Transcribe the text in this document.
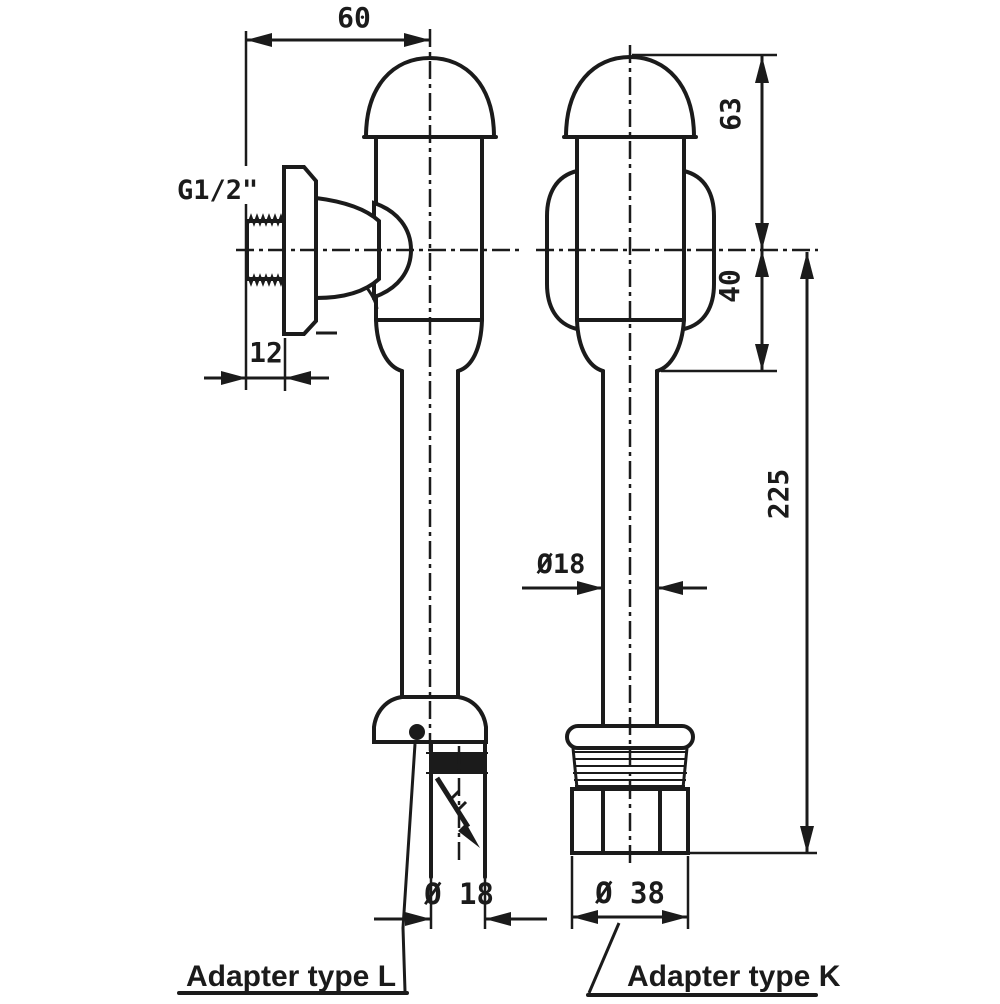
60
G1/2"
12
63
40
225
Ø18
Ø 18	Ø 38
Adapter type L	Adapter type K
